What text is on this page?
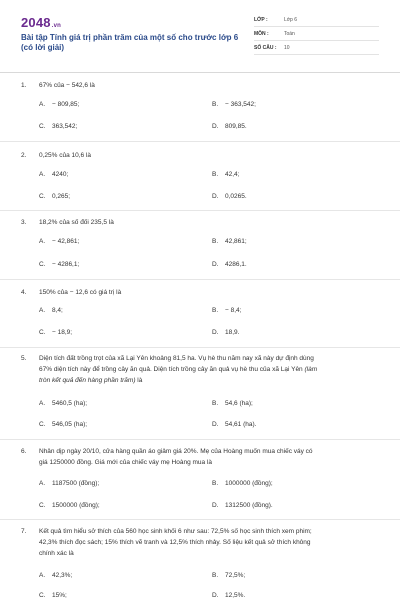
2048.vn
Bài tập Tính giá trị phần trăm của một số cho trước lớp 6 (có lời giải)
LỚP :	Lớp 6
MÔN :	Toán
SỐ CÂU : 10
1. 67% của − 542,6 là
A. − 809,85;	B. − 363,542;
C. 363,542;	D. 809,85.
2. 0,25% của 10,6 là
A. 4240;	B. 42,4;
C. 0,265;	D. 0,0265.
3. 18,2% của số đối 235,5 là
A. − 42,861;	B. 42,861;
C. − 4286,1;	D. 4286,1.
4. 150% của − 12,6 có giá trị là
A. 8,4;	B. − 8,4;
C. − 18,9;	D. 18,9.
5. Diện tích đất trồng trọt của xã Lại Yên khoảng 81,5 ha. Vụ hè thu năm nay xã này dự định dùng
67% diện tích này để trồng cây ăn quả. Diện tích trồng cây ăn quả vụ hè thu của xã Lại Yên (làm
tròn kết quả đến hàng phần trăm) là
A. 5460,5 (ha);	B. 54,6 (ha);
C. 546,05 (ha);	D. 54,61 (ha).
6. Nhân dịp ngày 20/10, cửa hàng quần áo giảm giá 20%. Mẹ của Hoàng muốn mua chiếc váy có
giá 1250000 đồng. Giá mới của chiếc váy mẹ Hoàng mua là
A. 1187500 (đồng);	B. 1000000 (đồng);
C. 1500000 (đồng);	D. 1312500 (đồng).
7. Kết quả tìm hiểu sở thích của 560 học sinh khối 6 như sau: 72,5% số học sinh thích xem phim;
42,3% thích đọc sách; 15% thích vẽ tranh và 12,5% thích nhảy. Số liệu kết quả sở thích không
chính xác là
A. 42,3%;	B. 72,5%;
C. 15%;	D. 12,5%.
